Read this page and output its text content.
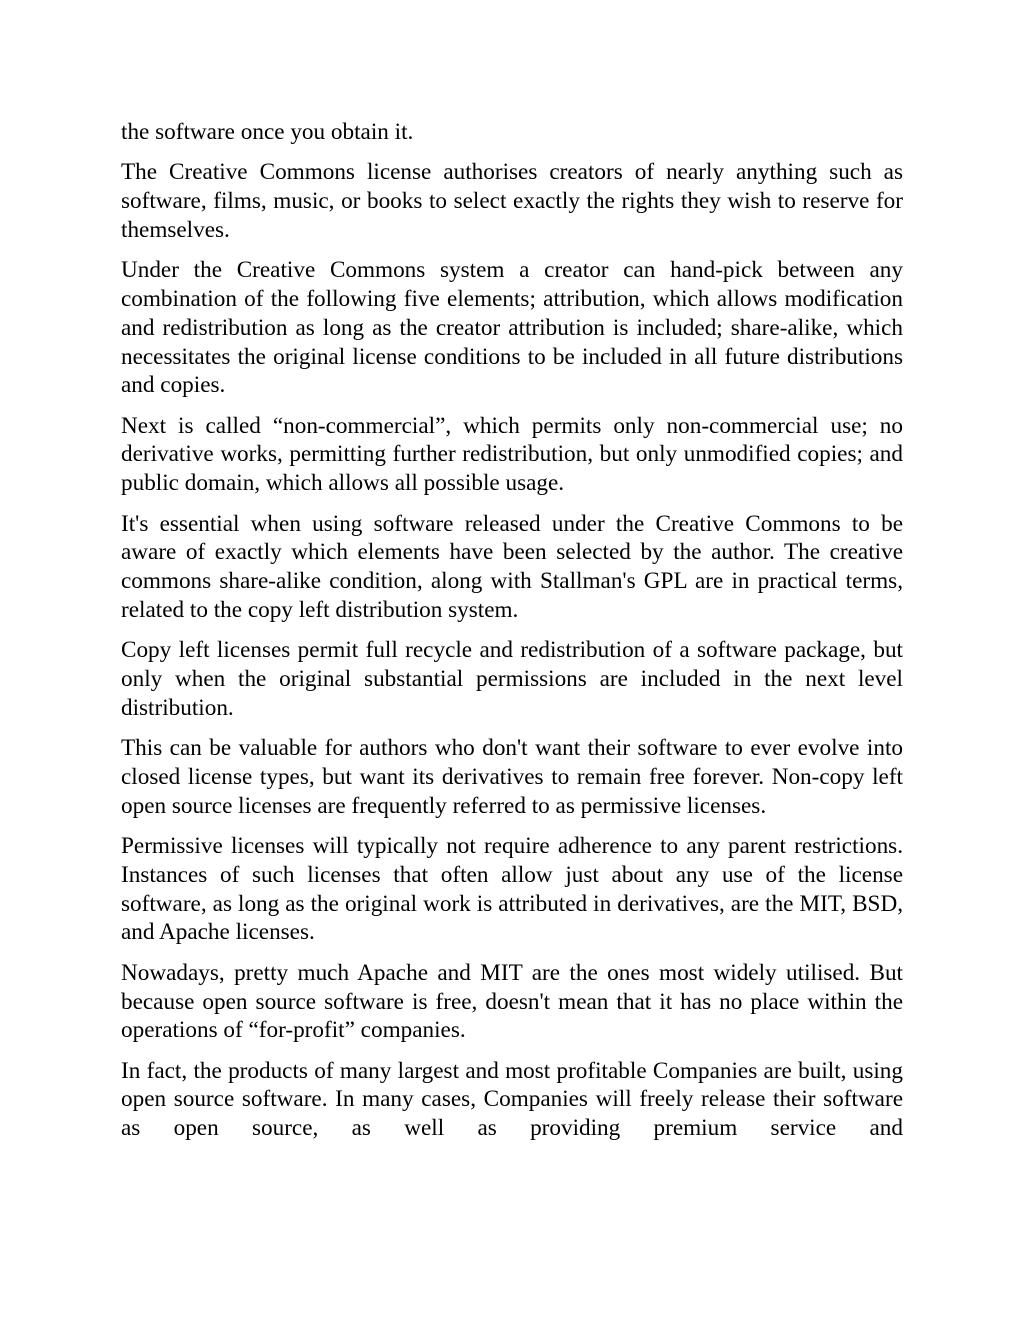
the software once you obtain it.

The Creative Commons license authorises creators of nearly anything such as software, films, music, or books to select exactly the rights they wish to reserve for themselves.

Under the Creative Commons system a creator can hand-pick between any combination of the following five elements; attribution, which allows modification and redistribution as long as the creator attribution is included; share-alike, which necessitates the original license conditions to be included in all future distributions and copies.

Next is called “non-commercial”, which permits only non-commercial use; no derivative works, permitting further redistribution, but only unmodified copies; and public domain, which allows all possible usage.

It's essential when using software released under the Creative Commons to be aware of exactly which elements have been selected by the author. The creative commons share-alike condition, along with Stallman's GPL are in practical terms, related to the copy left distribution system.

Copy left licenses permit full recycle and redistribution of a software package, but only when the original substantial permissions are included in the next level distribution.

This can be valuable for authors who don't want their software to ever evolve into closed license types, but want its derivatives to remain free forever. Non-copy left open source licenses are frequently referred to as permissive licenses.

Permissive licenses will typically not require adherence to any parent restrictions. Instances of such licenses that often allow just about any use of the license software, as long as the original work is attributed in derivatives, are the MIT, BSD, and Apache licenses.

Nowadays, pretty much Apache and MIT are the ones most widely utilised. But because open source software is free, doesn't mean that it has no place within the operations of “for-profit” companies.

In fact, the products of many largest and most profitable Companies are built, using open source software. In many cases, Companies will freely release their software as open source, as well as providing premium service and
